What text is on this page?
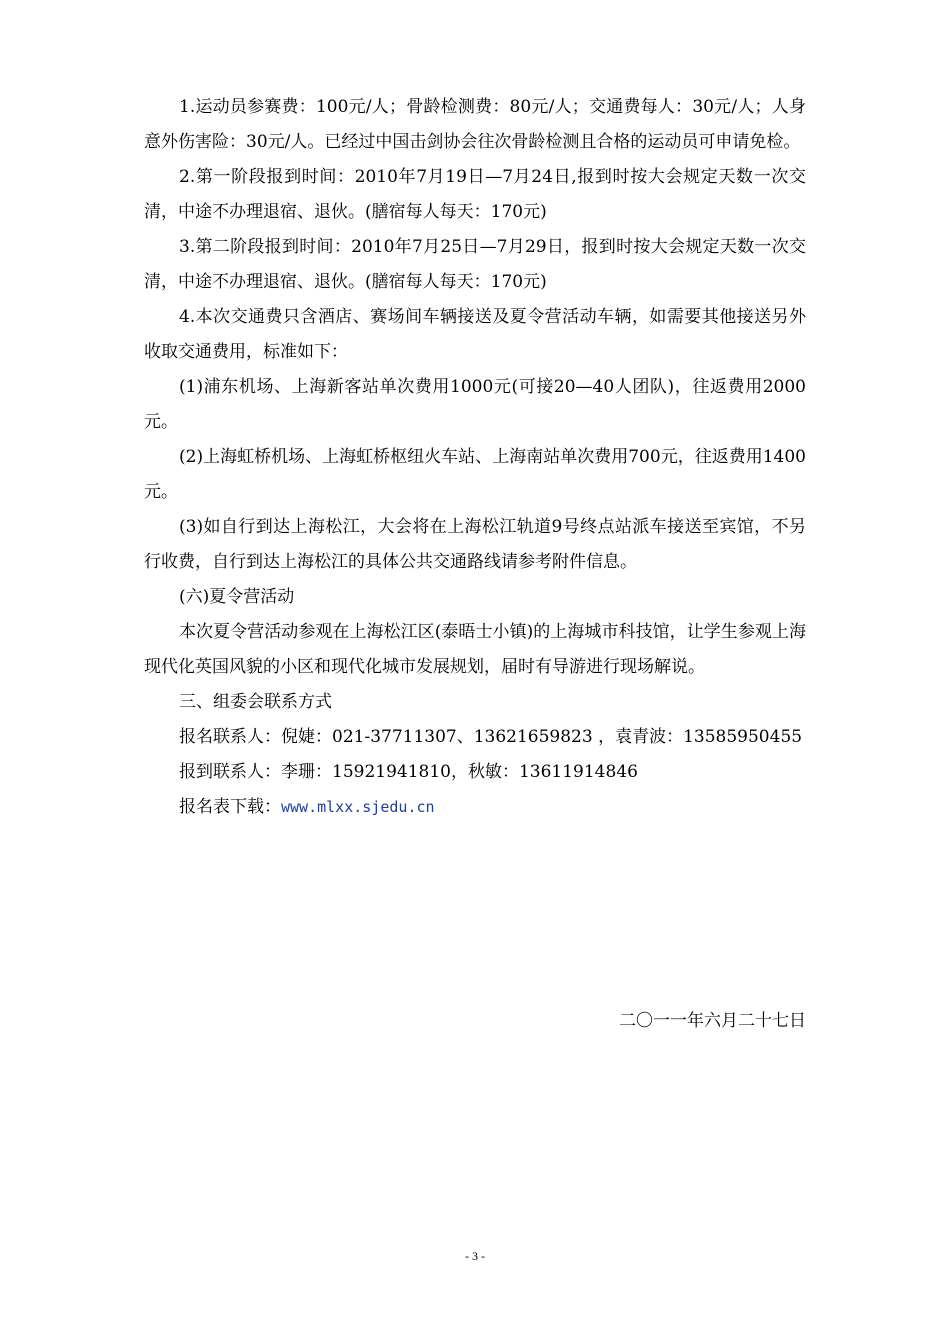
1.运动员参赛费：100元/人；骨龄检测费：80元/人；交通费每人：30元/人；人身意外伤害险：30元/人。已经过中国击剑协会往次骨龄检测且合格的运动员可申请免检。

2.第一阶段报到时间：2010年7月19日—7月24日,报到时按大会规定天数一次交清，中途不办理退宿、退伙。(膳宿每人每天：170元)

3.第二阶段报到时间：2010年7月25日—7月29日，报到时按大会规定天数一次交清，中途不办理退宿、退伙。(膳宿每人每天：170元)

4.本次交通费只含酒店、赛场间车辆接送及夏令营活动车辆，如需要其他接送另外收取交通费用，标准如下：

(1)浦东机场、上海新客站单次费用1000元(可接20—40人团队)，往返费用2000元。

(2)上海虹桥机场、上海虹桥枢纽火车站、上海南站单次费用700元，往返费用1400元。

(3)如自行到达上海松江，大会将在上海松江轨道9号终点站派车接送至宾馆，不另行收费，自行到达上海松江的具体公共交通路线请参考附件信息。

(六)夏令营活动

本次夏令营活动参观在上海松江区(泰晤士小镇)的上海城市科技馆，让学生参观上海现代化英国风貌的小区和现代化城市发展规划，届时有导游进行现场解说。

三、组委会联系方式

报名联系人：倪婕：021-37711307、13621659823 ，袁青波：13585950455

报到联系人：李珊：15921941810，秋敏：13611914846

报名表下载：www.mlxx.sjedu.cn

二〇一一年六月二十七日
- 3 -
